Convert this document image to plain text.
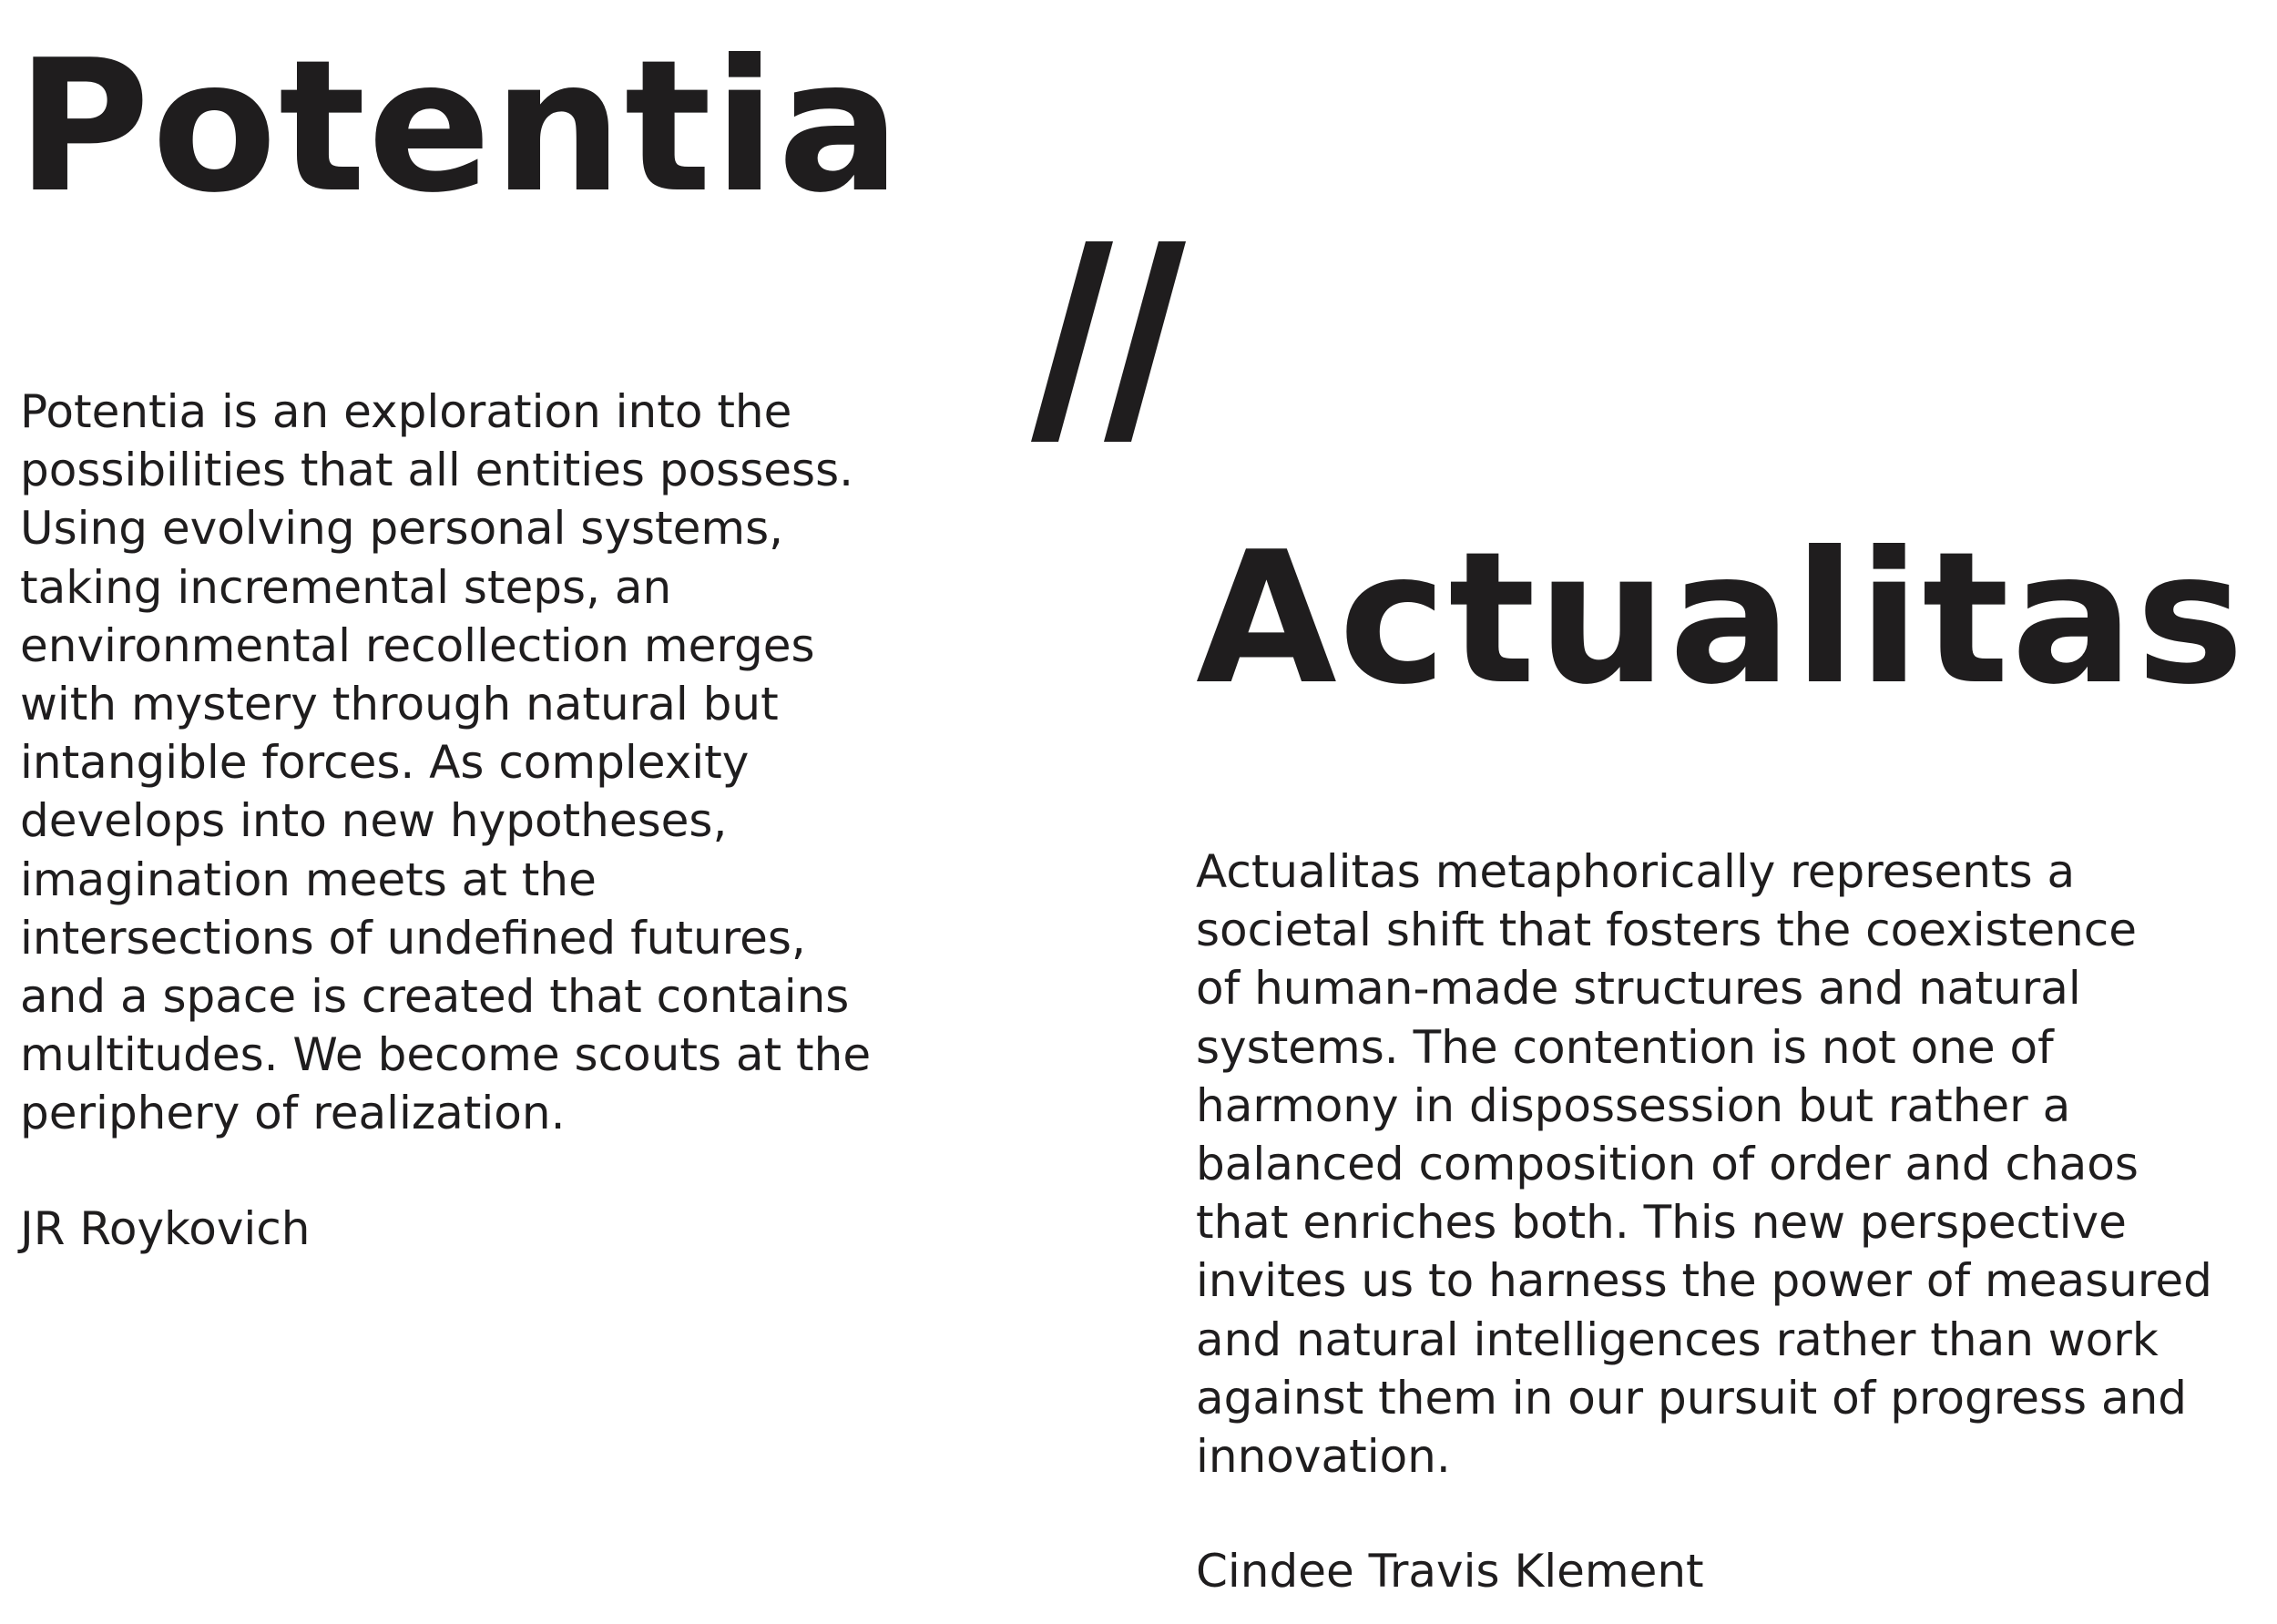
Potentia
Potentia is an exploration into the
possibilities that all entities possess.
Using evolving personal systems,
taking incremental steps, an
environmental recollection merges
with mystery through natural but
intangible forces. As complexity
develops into new hypotheses,
imagination meets at the
intersections of undefined futures,
and a space is created that contains
multitudes. We become scouts at the
periphery of realization.
JR Roykovich
Actualitas
Actualitas metaphorically represents a
societal shift that fosters the coexistence
of human-made structures and natural
systems. The contention is not one of
harmony in dispossession but rather a
balanced composition of order and chaos
that enriches both. This new perspective
invites us to harness the power of measured
and natural intelligences rather than work
against them in our pursuit of progress and
innovation.
Cindee Travis Klement
